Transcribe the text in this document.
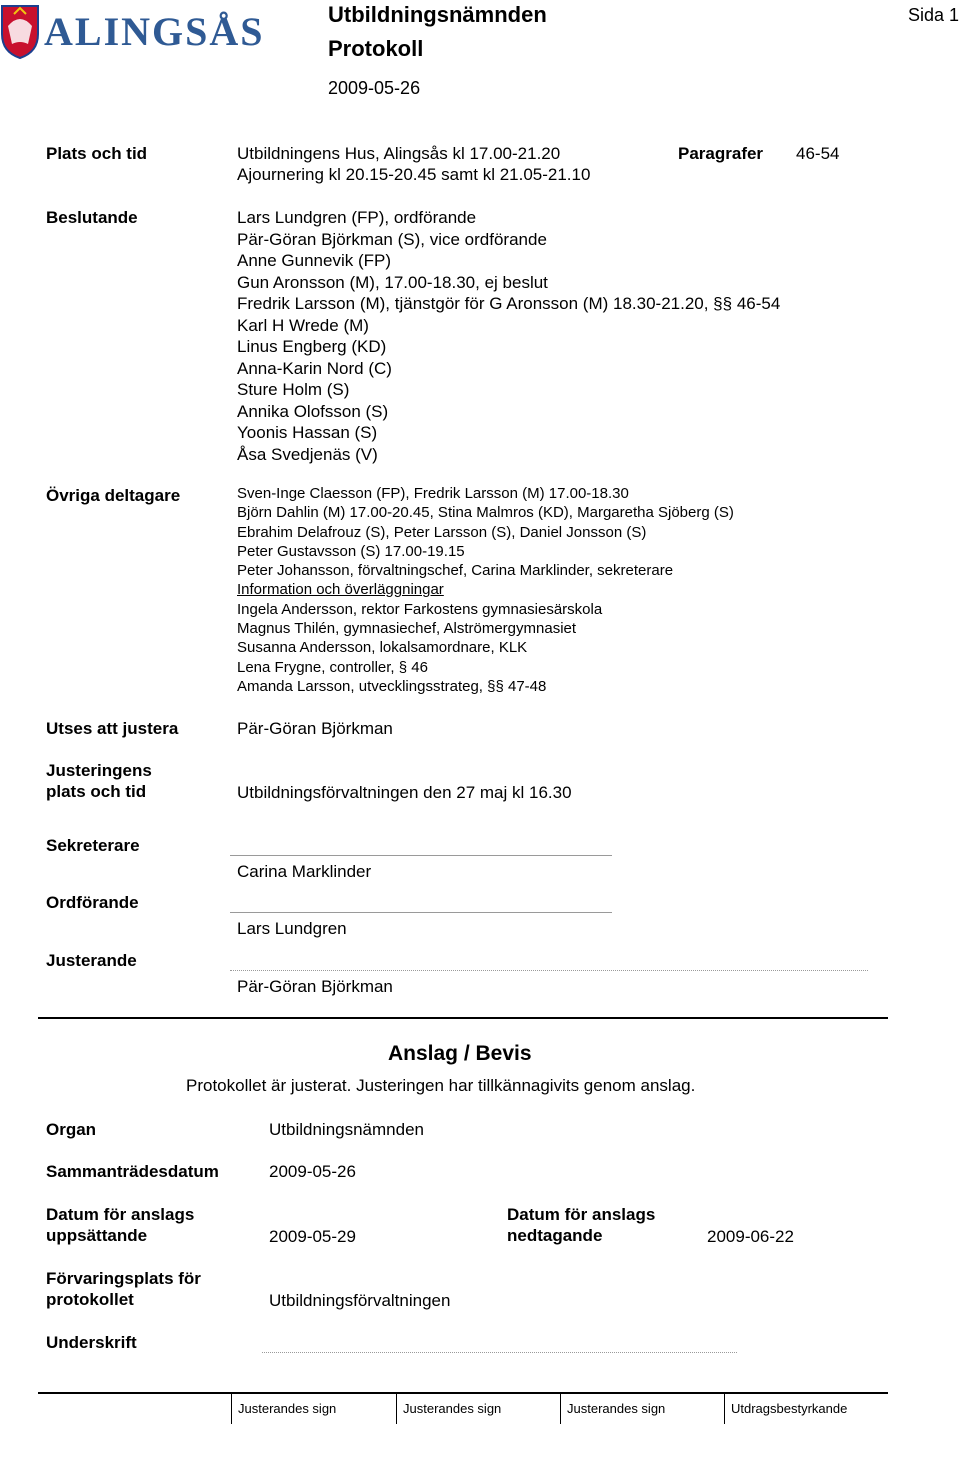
ALINGSÅS	Utbildningsnämnden
Protokoll
2009-05-26
Sida 1
Plats och tid	Utbildningens Hus, Alingsås kl 17.00-21.20
Ajournering kl 20.15-20.45 samt kl 21.05-21.10
Paragrafer 46-54
Beslutande	Lars Lundgren (FP), ordförande
Pär-Göran Björkman (S), vice ordförande
Anne Gunnevik (FP)
Gun Aronsson (M), 17.00-18.30, ej beslut
Fredrik Larsson (M), tjänstgör för G Aronsson (M) 18.30-21.20, §§ 46-54
Karl H Wrede (M)
Linus Engberg (KD)
Anna-Karin Nord (C)
Sture Holm (S)
Annika Olofsson (S)
Yoonis Hassan (S)
Åsa Svedjenäs (V)
Övriga deltagare	Sven-Inge Claesson (FP), Fredrik Larsson (M) 17.00-18.30
Björn Dahlin (M) 17.00-20.45, Stina Malmros (KD), Margaretha Sjöberg (S)
Ebrahim Delafrouz (S), Peter Larsson (S), Daniel Jonsson (S)
Peter Gustavsson (S) 17.00-19.15
Peter Johansson, förvaltningschef, Carina Marklinder, sekreterare
Information och överläggningar
Ingela Andersson, rektor Farkostens gymnasiesärskola
Magnus Thilén, gymnasiechef, Alströmergymnasiet
Susanna Andersson, lokalsamordnare, KLK
Lena Frygne, controller, § 46
Amanda Larsson, utvecklingsstrateg, §§ 47-48
Utses att justera	Pär-Göran Björkman
Justeringens
plats och tid	Utbildningsförvaltningen den 27 maj kl 16.30
Sekreterare
Carina Marklinder
Ordförande
Lars Lundgren
Justerande
Pär-Göran Björkman
Anslag / Bevis
Protokollet är justerat. Justeringen har tillkännagivits genom anslag.
Organ	Utbildningsnämnden
Sammanträdesdatum	2009-05-26
Datum för anslags
uppsättande	2009-05-29
Datum för anslags
nedtagande	2009-06-22
Förvaringsplats för
protokollet	Utbildningsförvaltningen
Underskrift
Justerandes sign	Justerandes sign	Justerandes sign	Utdragsbestyrkande
